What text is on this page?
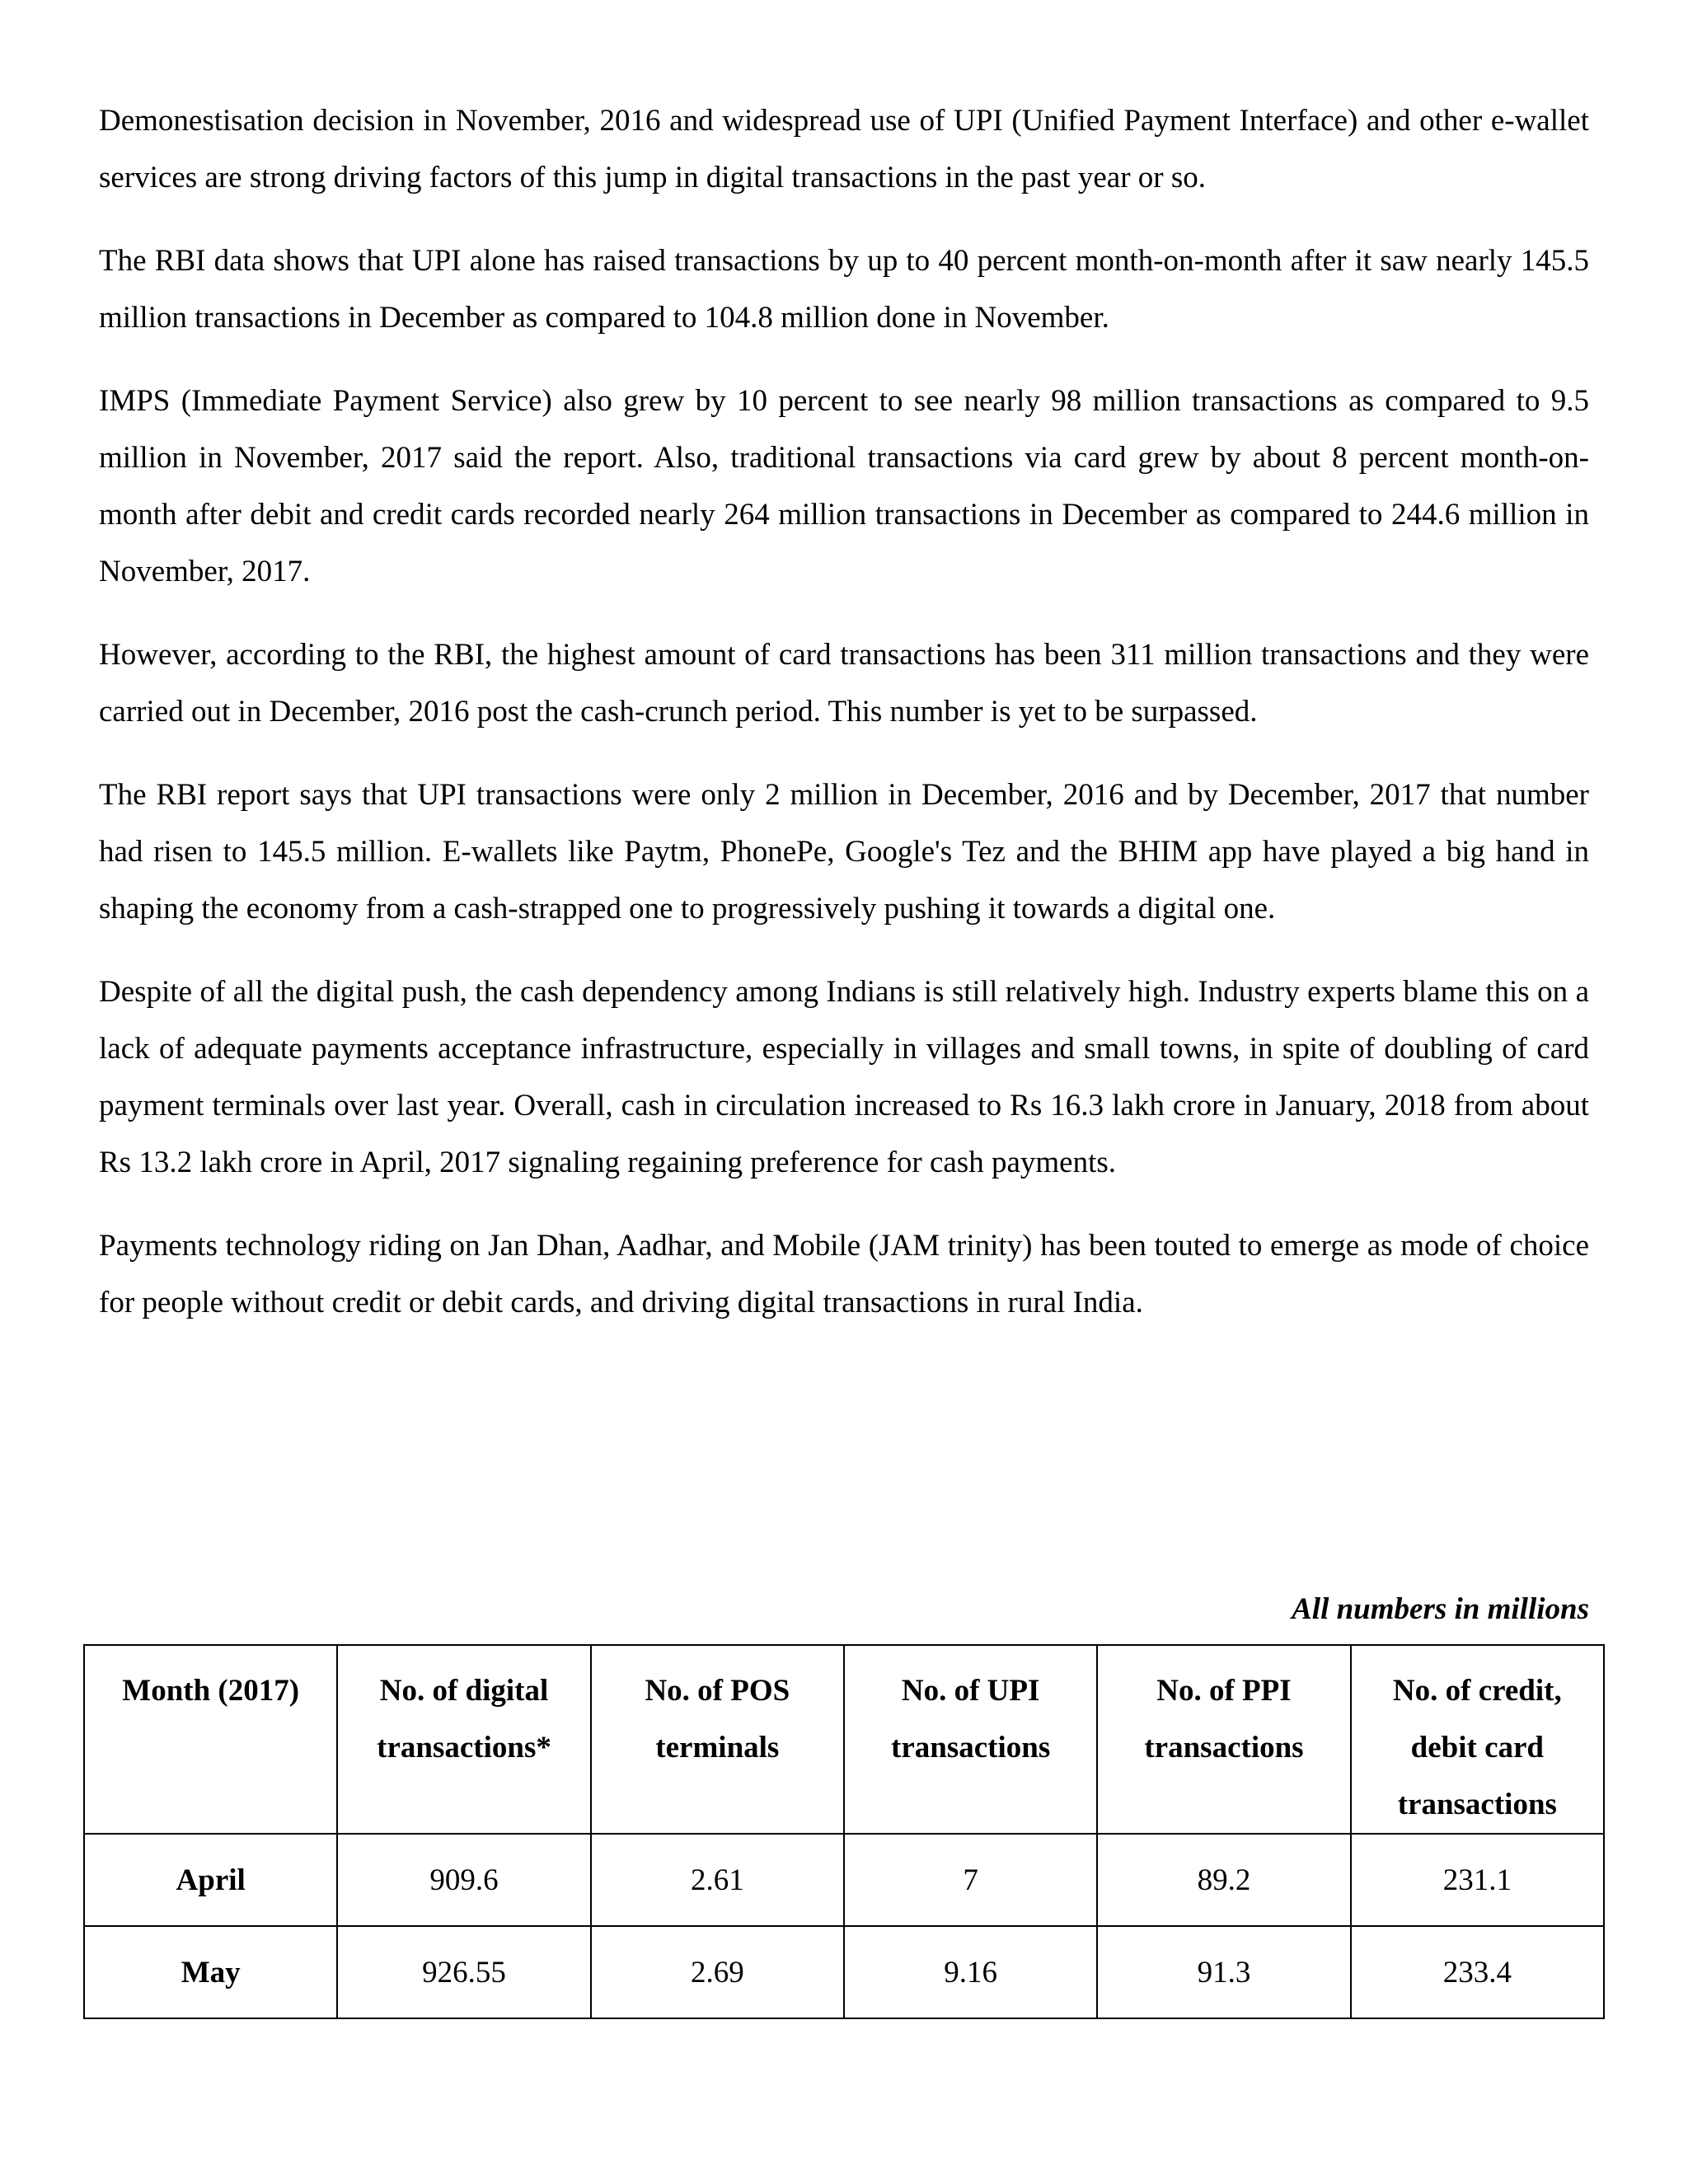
Demonestisation decision in November, 2016 and widespread use of UPI (Unified Payment Interface) and other e-wallet services are strong driving factors of this jump in digital transactions in the past year or so.

The RBI data shows that UPI alone has raised transactions by up to 40 percent month-on-month after it saw nearly 145.5 million transactions in December as compared to 104.8 million done in November.

IMPS (Immediate Payment Service) also grew by 10 percent to see nearly 98 million transactions as compared to 9.5 million in November, 2017 said the report. Also, traditional transactions via card grew by about 8 percent month-on-month after debit and credit cards recorded nearly 264 million transactions in December as compared to 244.6 million in November, 2017.

However, according to the RBI, the highest amount of card transactions has been 311 million transactions and they were carried out in December, 2016 post the cash-crunch period. This number is yet to be surpassed.

The RBI report says that UPI transactions were only 2 million in December, 2016 and by December, 2017 that number had risen to 145.5 million. E-wallets like Paytm, PhonePe, Google's Tez and the BHIM app have played a big hand in shaping the economy from a cash-strapped one to progressively pushing it towards a digital one.

Despite of all the digital push, the cash dependency among Indians is still relatively high. Industry experts blame this on a lack of adequate payments acceptance infrastructure, especially in villages and small towns, in spite of doubling of card payment terminals over last year. Overall, cash in circulation increased to Rs 16.3 lakh crore in January, 2018 from about Rs 13.2 lakh crore in April, 2017 signaling regaining preference for cash payments.

Payments technology riding on Jan Dhan, Aadhar, and Mobile (JAM trinity) has been touted to emerge as mode of choice for people without credit or debit cards, and driving digital transactions in rural India.

All numbers in millions
Month (2017)	No. of digital transactions*	No. of POS terminals	No. of UPI transactions	No. of PPI transactions	No. of credit, debit card transactions
April	909.6	2.61	7	89.2	231.1
May	926.55	2.69	9.16	91.3	233.4
